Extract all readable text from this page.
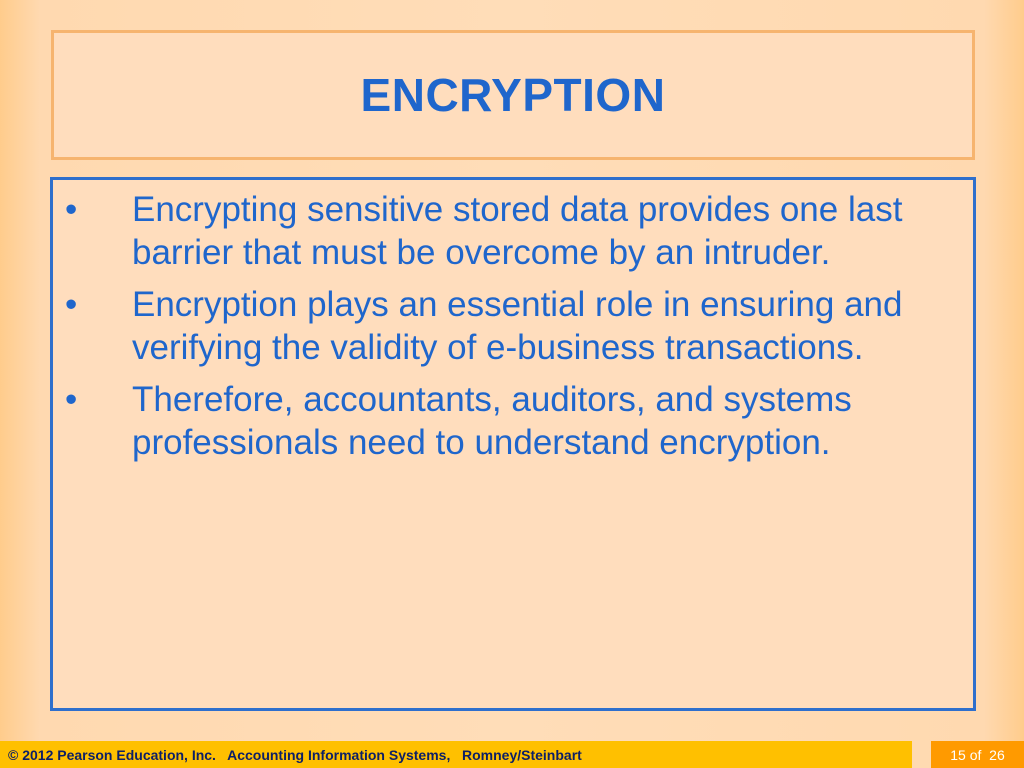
ENCRYPTION
• Encrypting sensitive stored data provides one last barrier that must be overcome by an intruder.
• Encryption plays an essential role in ensuring and verifying the validity of e-business transactions.
• Therefore, accountants, auditors, and systems professionals need to understand encryption.
© 2012 Pearson Education, Inc.   Accounting Information Systems,   Romney/Steinbart	15
of
26
